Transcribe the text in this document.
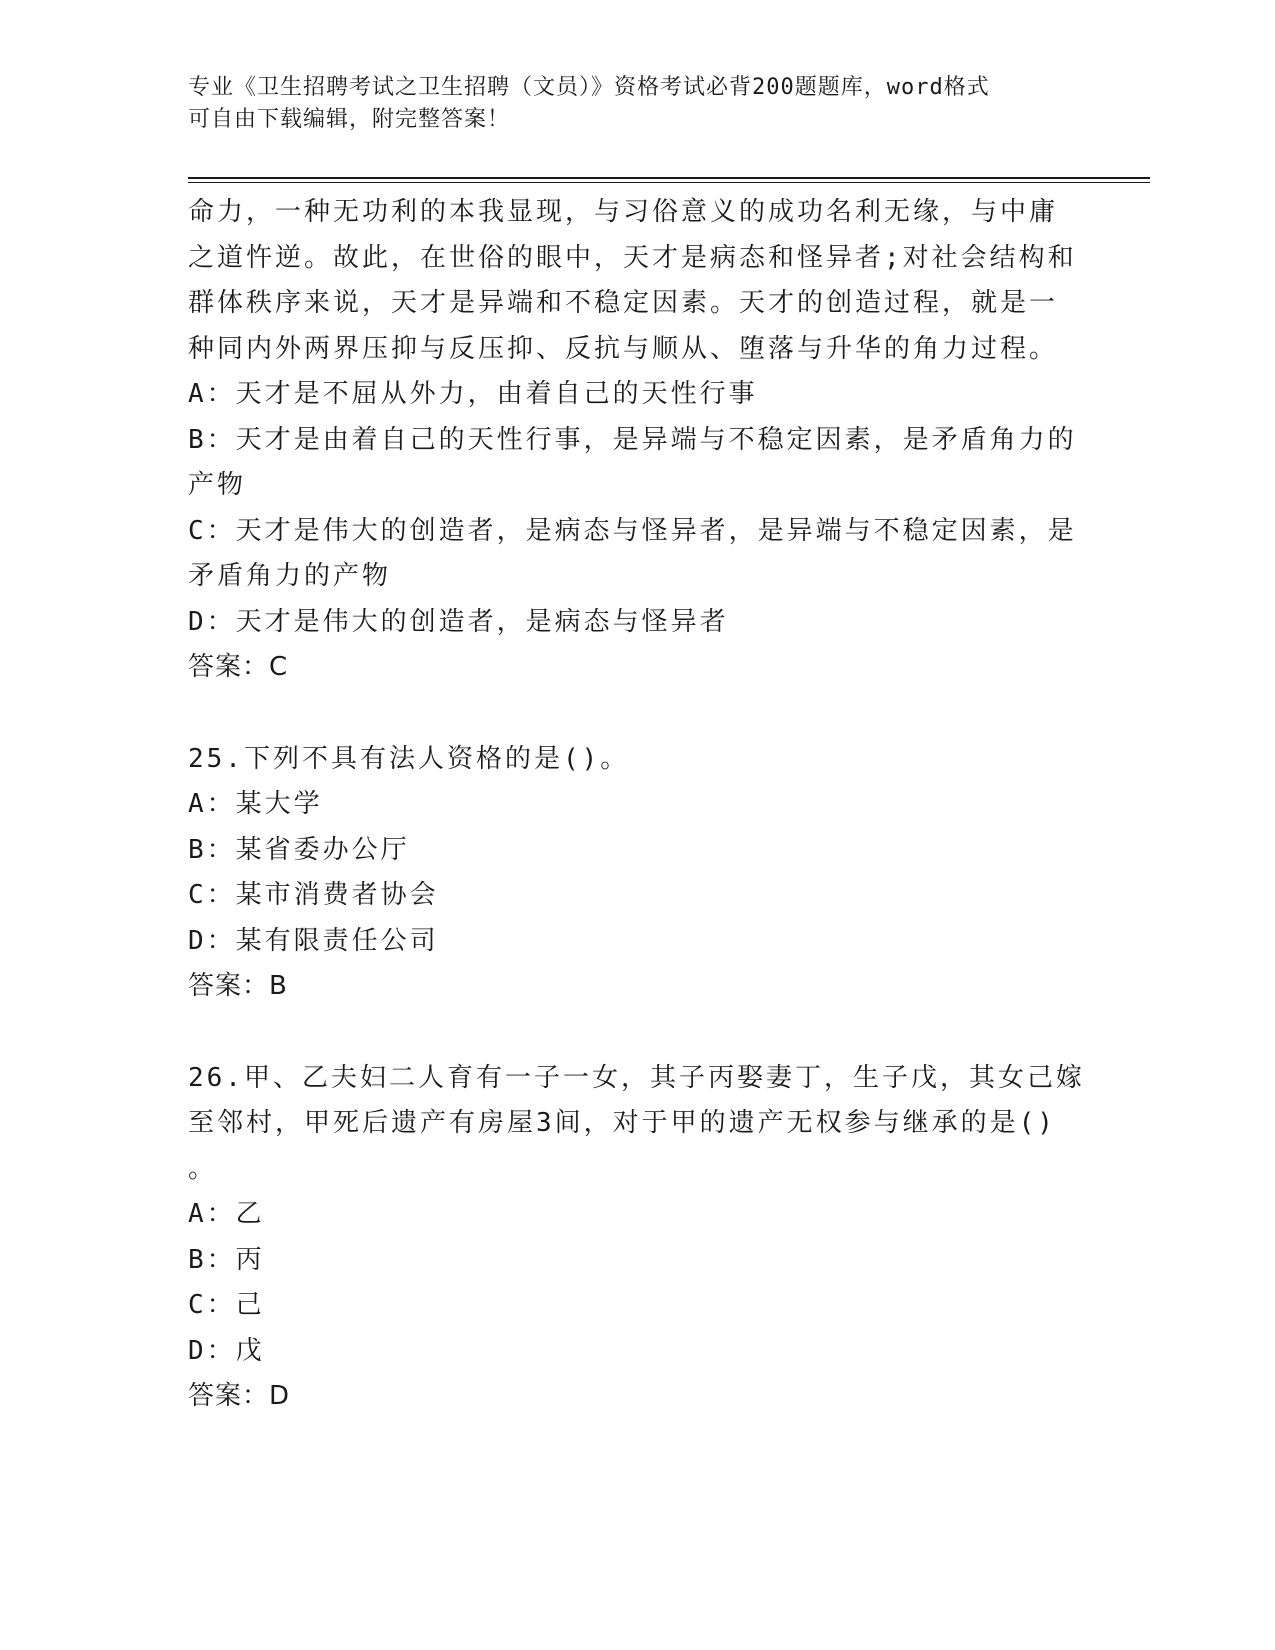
专业《卫生招聘考试之卫生招聘（文员）》资格考试必背200题题库，word格式
可自由下载编辑，附完整答案！
命力，一种无功利的本我显现，与习俗意义的成功名利无缘，与中庸
之道忤逆。故此，在世俗的眼中，天才是病态和怪异者;对社会结构和
群体秩序来说，天才是异端和不稳定因素。天才的创造过程，就是一
种同内外两界压抑与反压抑、反抗与顺从、堕落与升华的角力过程。
A：天才是不屈从外力，由着自己的天性行事
B：天才是由着自己的天性行事，是异端与不稳定因素，是矛盾角力的
产物
C：天才是伟大的创造者，是病态与怪异者，是异端与不稳定因素，是
矛盾角力的产物
D：天才是伟大的创造者，是病态与怪异者
答案：C
25.下列不具有法人资格的是()。
A：某大学
B：某省委办公厅
C：某市消费者协会
D：某有限责任公司
答案：B
26.甲、乙夫妇二人育有一子一女，其子丙娶妻丁，生子戊，其女己嫁
至邻村，甲死后遗产有房屋3间，对于甲的遗产无权参与继承的是()
。
A：乙
B：丙
C：己
D：戊
答案：D
